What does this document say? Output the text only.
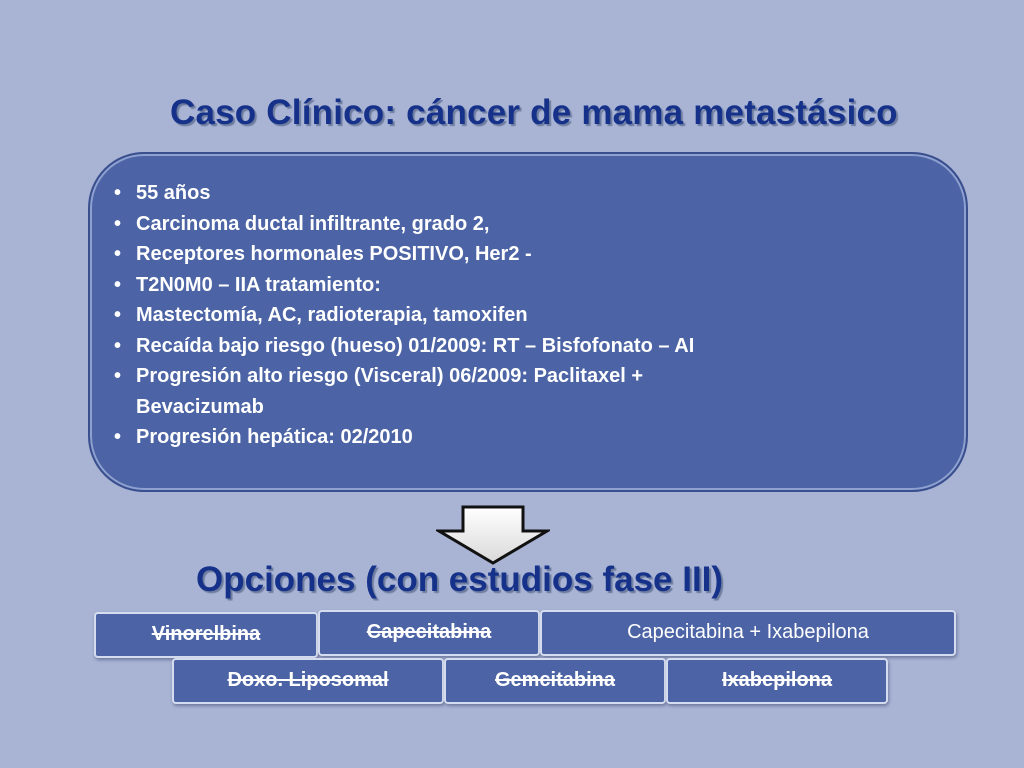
Caso Clínico: cáncer de mama metastásico
• 55 años
• Carcinoma ductal infiltrante, grado 2,
• Receptores hormonales POSITIVO, Her2 -
• T2N0M0 – IIA tratamiento:
• Mastectomía, AC, radioterapia, tamoxifen
• Recaída bajo riesgo (hueso) 01/2009: RT – Bisfofonato – AI
• Progresión alto riesgo (Visceral) 06/2009: Paclitaxel +
Bevacizumab
• Progresión hepática: 02/2010
Opciones (con estudios fase III)
Vinorelbina	Capecitabina	Capecitabina + Ixabepilona
Doxo. Liposomal	Gemcitabina	Ixabepilona
